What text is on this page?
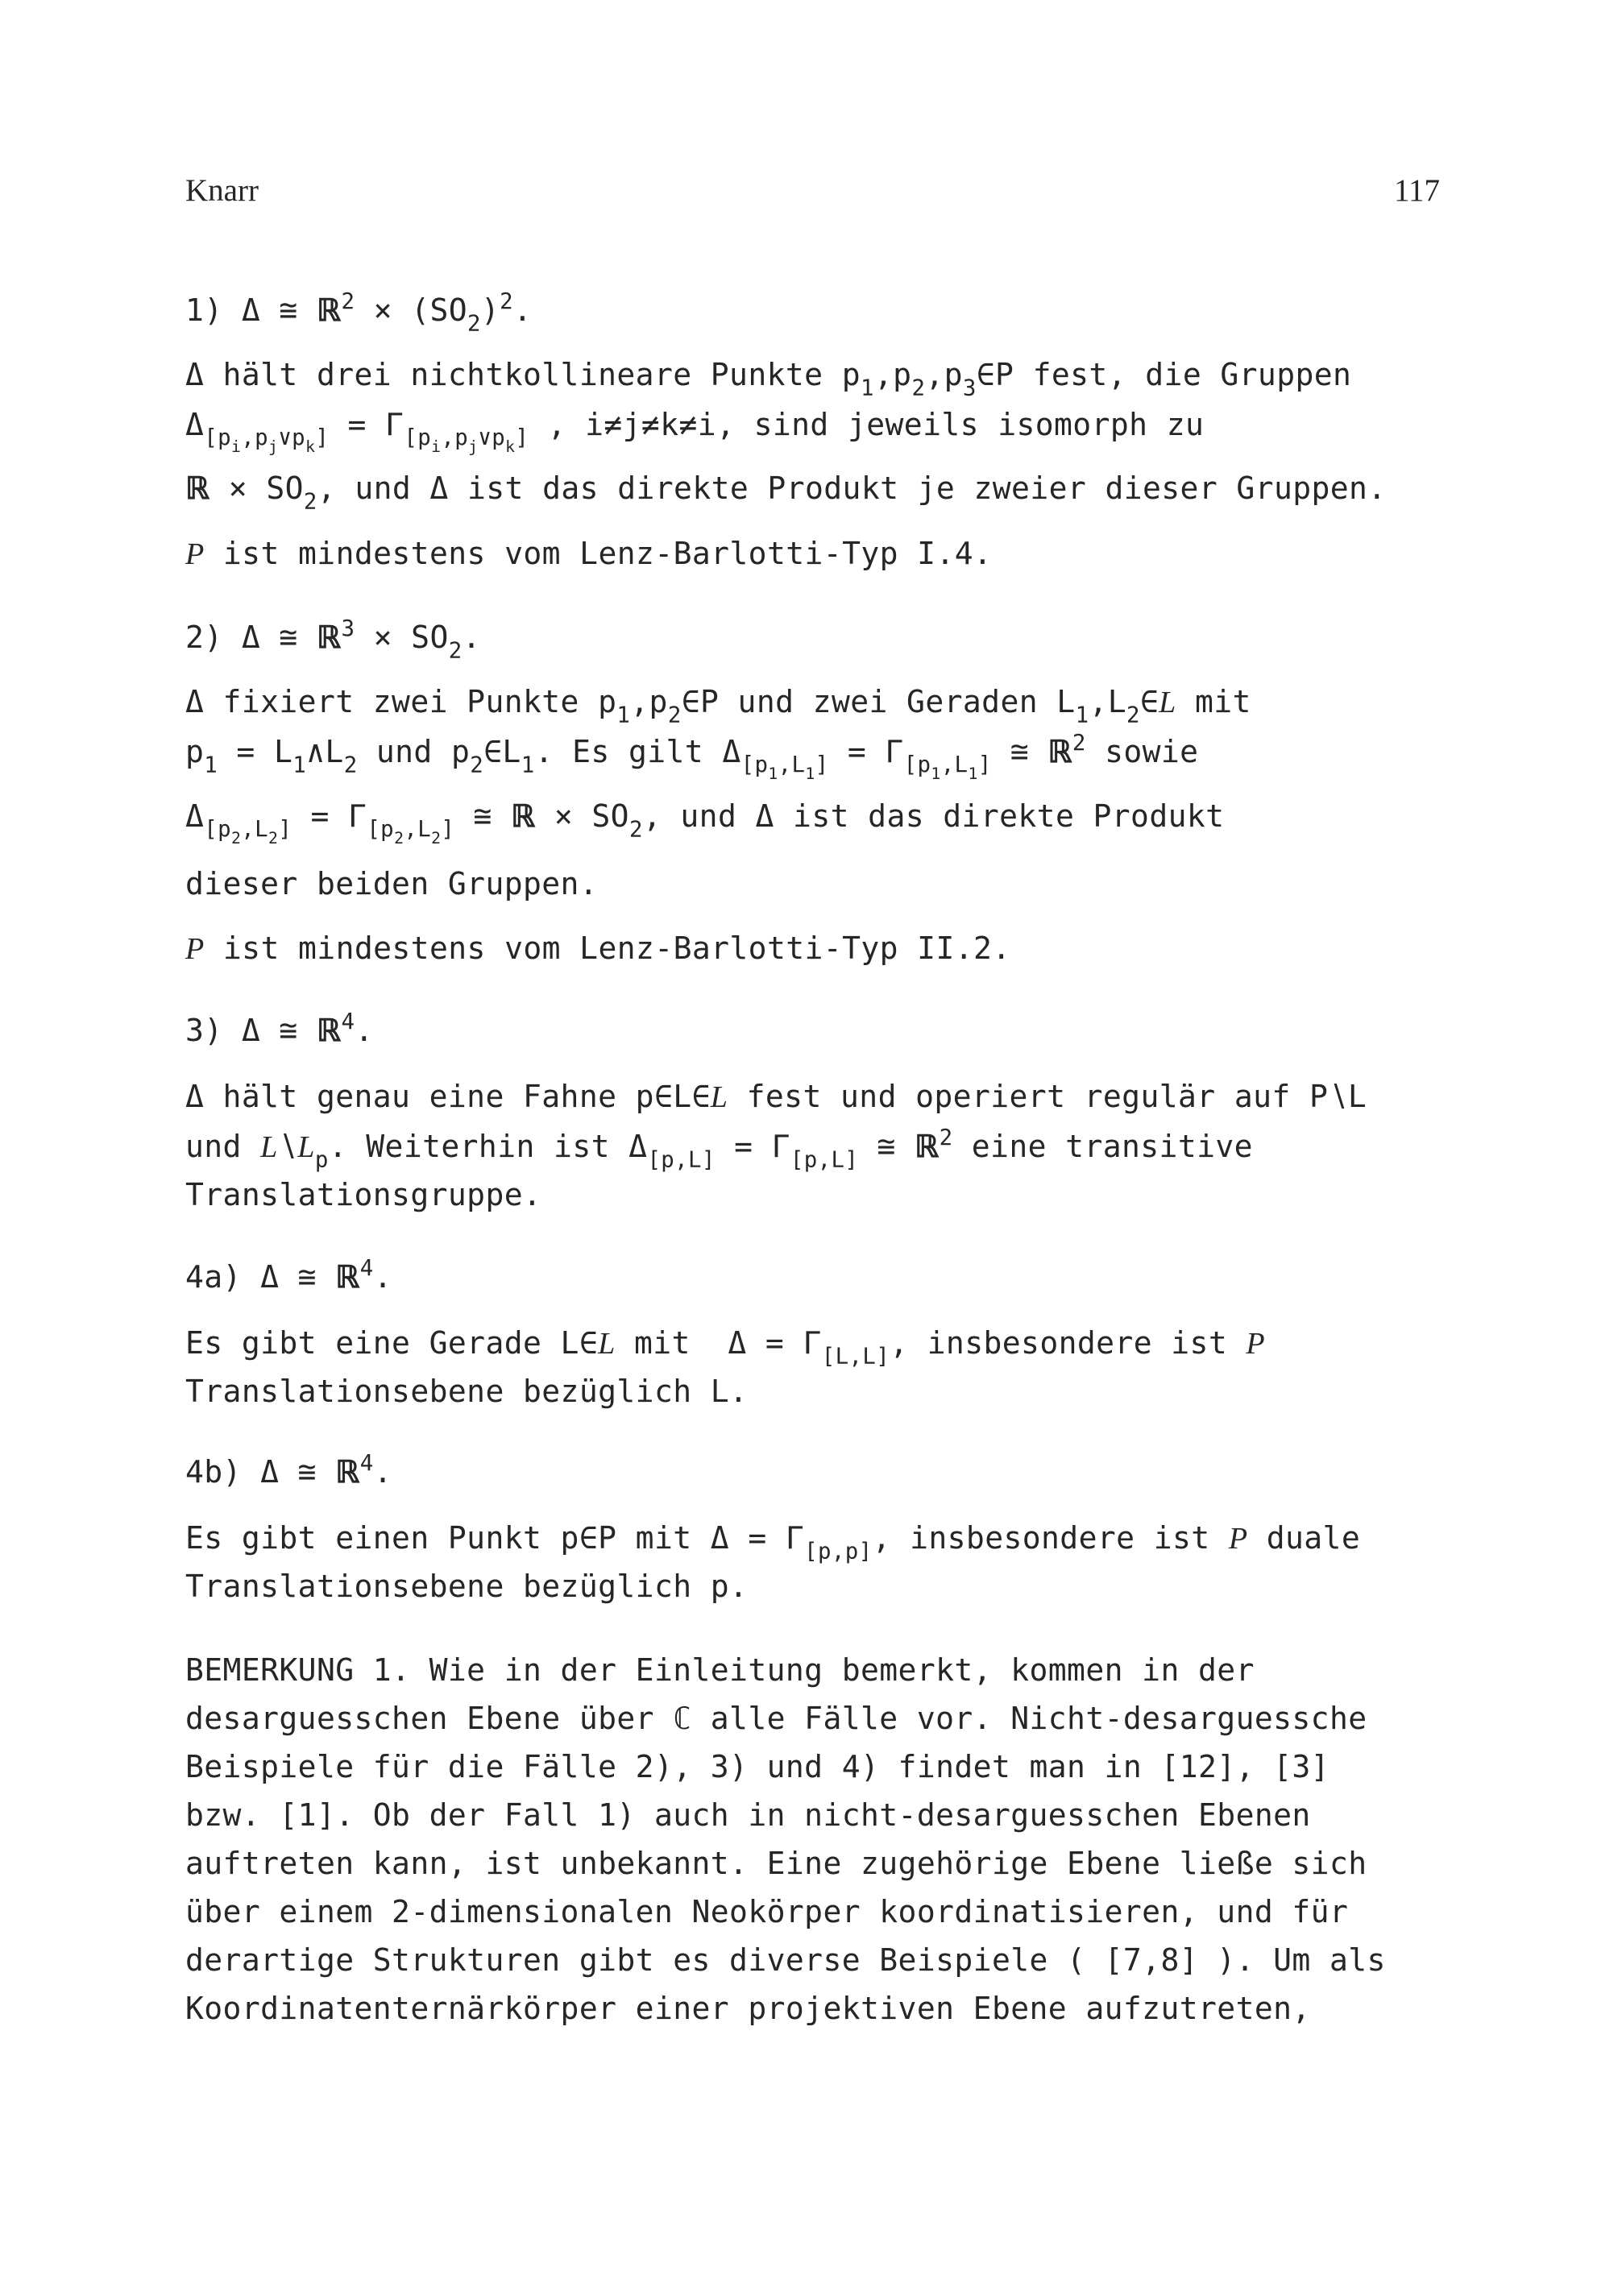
Knarr	117
1) Δ ≅ ℝ$^2$ × $(SO_2)^2$.
Δ hält drei nichtkollineare Punkte $p_1,p_2,p_3\in P$ fest, die Gruppen
$\Delta_{[p_i,p_j\vee p_k]} = \Gamma_{[p_i,p_j\vee p_k]}$ , i≠j≠k≠i, sind jeweils isomorph zu
ℝ × $SO_2$, und Δ ist das direkte Produkt je zweier dieser Gruppen.
P ist mindestens vom Lenz-Barlotti-Typ I.4.
2) Δ ≅ ℝ$^3$ × $SO_2$.
Δ fixiert zwei Punkte $p_1,p_2\in P$ und zwei Geraden $L_1,L_2\in L$ mit
$p_1$ = $L_1\wedge L_2$ und $p_2\in L_1$. Es gilt $\Delta_{[p_1,L_1]} = \Gamma_{[p_1,L_1]}$ ≅ ℝ$^2$ sowie
$\Delta_{[p_2,L_2]} = \Gamma_{[p_2,L_2]}$ ≅ ℝ × $SO_2$, und Δ ist das direkte Produkt
dieser beiden Gruppen.
P ist mindestens vom Lenz-Barlotti-Typ II.2.
3) Δ ≅ ℝ$^4$.
Δ hält genau eine Fahne p∈L∈L fest und operiert regulär auf P∖L
und $L∖L_p$. Weiterhin ist $\Delta_{[p,L]} = \Gamma_{[p,L]}$ ≅ ℝ$^2$ eine transitive
Translationsgruppe.
4a) Δ ≅ ℝ$^4$.
Es gibt eine Gerade L∈L mit  $\Delta = \Gamma_{[L,L]}$, insbesondere ist P
Translationsebene bezüglich L.
4b) Δ ≅ ℝ$^4$.
Es gibt einen Punkt p∈P mit $\Delta = \Gamma_{[p,p]}$, insbesondere ist P duale
Translationsebene bezüglich p.
BEMERKUNG 1. Wie in der Einleitung bemerkt, kommen in der
desarguesschen Ebene über ℂ alle Fälle vor. Nicht-desarguessche
Beispiele für die Fälle 2), 3) und 4) findet man in [12], [3]
bzw. [1]. Ob der Fall 1) auch in nicht-desarguesschen Ebenen
auftreten kann, ist unbekannt. Eine zugehörige Ebene ließe sich
über einem 2-dimensionalen Neokörper koordinatisieren, und für
derartige Strukturen gibt es diverse Beispiele ( [7,8] ). Um als
Koordinatenternärkörper einer projektiven Ebene aufzutreten,
